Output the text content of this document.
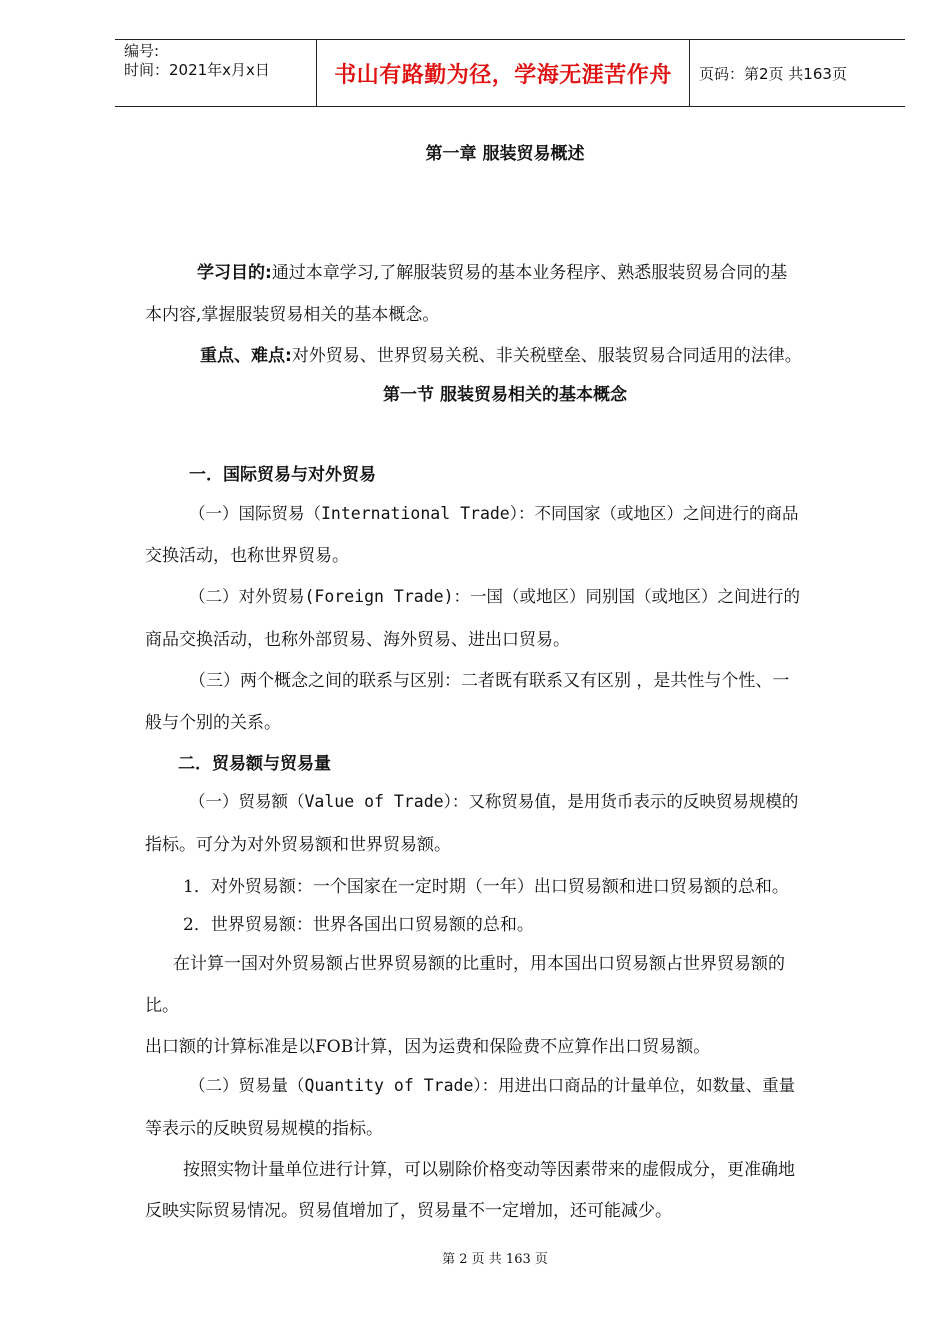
编号:
时间：2021年x月x日	书山有路勤为径，学海无涯苦作舟 页码：第2页 共163页
第一章 服装贸易概述
学习目的:通过本章学习,了解服装贸易的基本业务程序、熟悉服装贸易合同的基
本内容,掌握服装贸易相关的基本概念。
重点、难点:对外贸易、世界贸易关税、非关税壁垒、服装贸易合同适用的法律。
第一节 服装贸易相关的基本概念
一．国际贸易与对外贸易
（一）国际贸易（International Trade）：不同国家（或地区）之间进行的商品
交换活动，也称世界贸易。
（二）对外贸易(Foreign Trade)：一国（或地区）同别国（或地区）之间进行的
商品交换活动，也称外部贸易、海外贸易、进出口贸易。
（三）两个概念之间的联系与区别：二者既有联系又有区别 ，是共性与个性、一
般与个别的关系。
二．贸易额与贸易量
（一）贸易额（Value of Trade）：又称贸易值，是用货币表示的反映贸易规模的
指标。可分为对外贸易额和世界贸易额。
1．对外贸易额：一个国家在一定时期（一年）出口贸易额和进口贸易额的总和。
2．世界贸易额：世界各国出口贸易额的总和。
在计算一国对外贸易额占世界贸易额的比重时，用本国出口贸易额占世界贸易额的
比。
出口额的计算标准是以FOB计算，因为运费和保险费不应算作出口贸易额。
（二）贸易量（Quantity of Trade）：用进出口商品的计量单位，如数量、重量
等表示的反映贸易规模的指标。
按照实物计量单位进行计算，可以剔除价格变动等因素带来的虚假成分，更准确地
反映实际贸易情况。贸易值增加了，贸易量不一定增加，还可能减少。
第 2 页 共 163 页
